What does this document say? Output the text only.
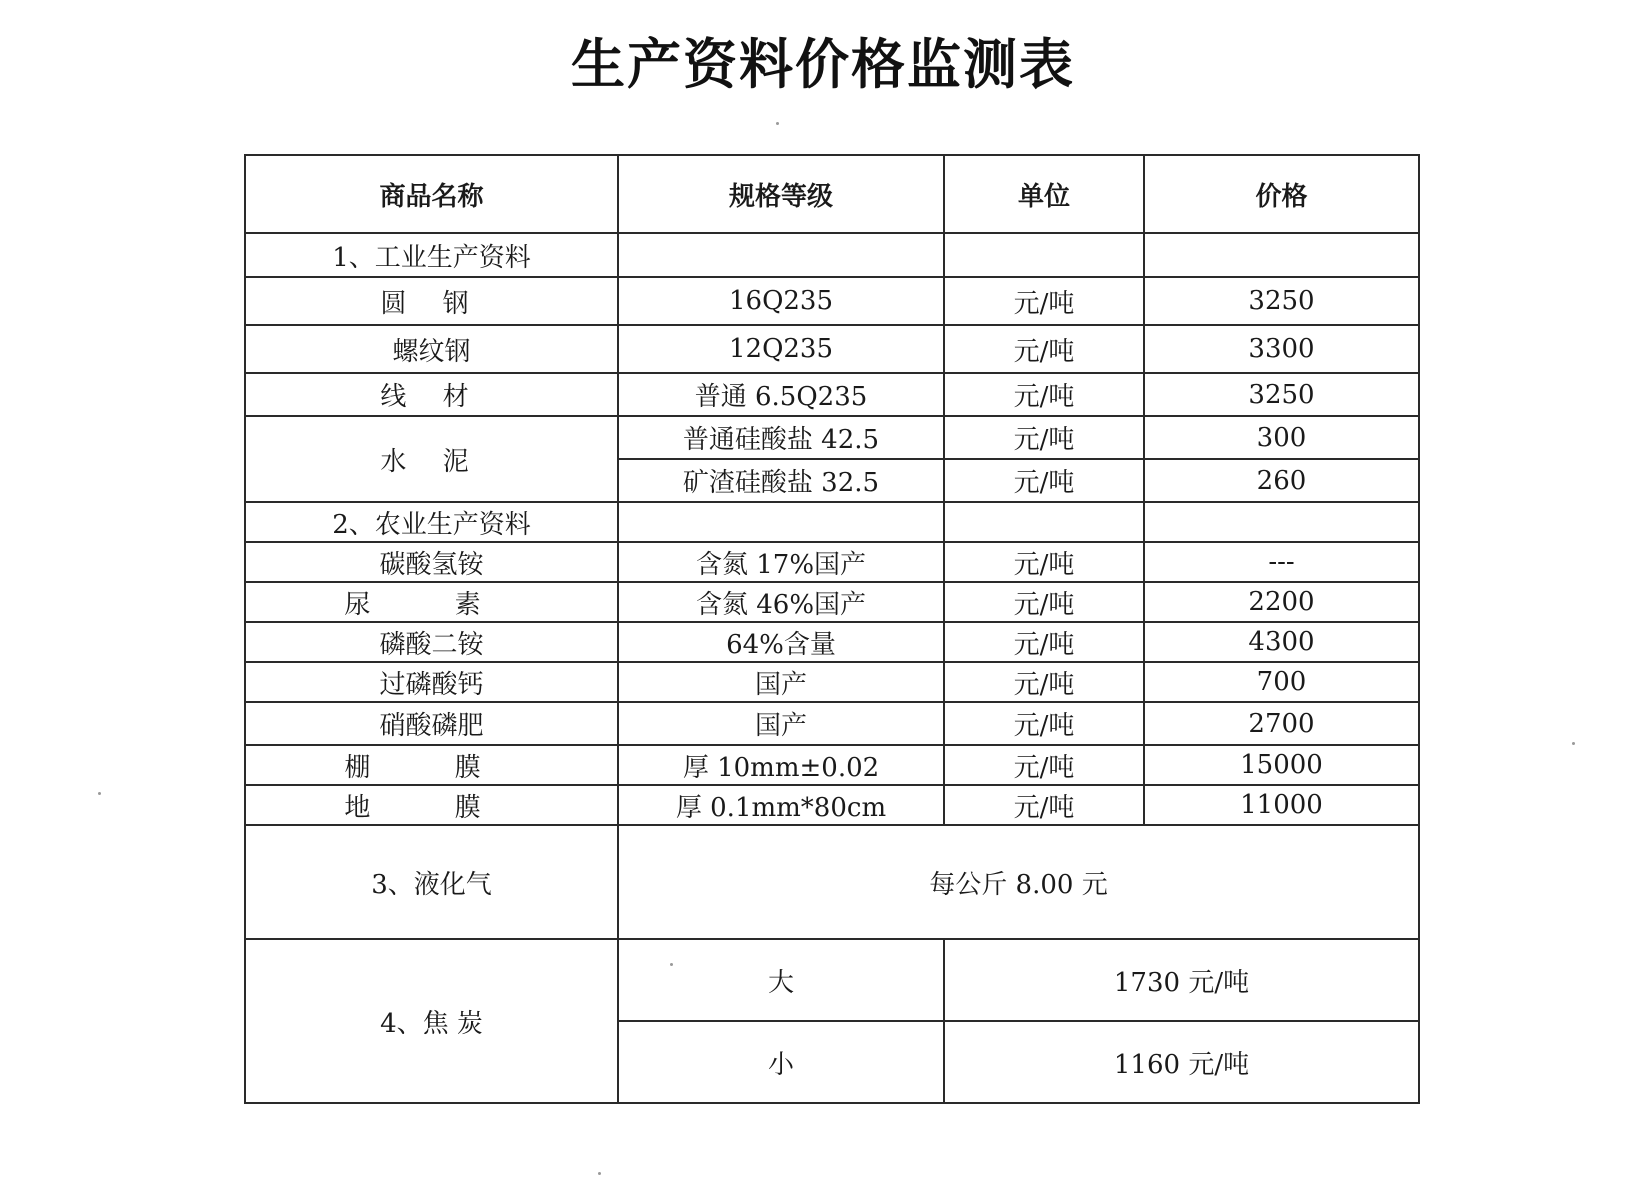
生产资料价格监测表
商品名称	规格等级	单位	价格
1、工业生产资料			
圆 钢	16Q235	元/吨	3250
螺纹钢	12Q235	元/吨	3300
线 材	普通 6.5Q235	元/吨	3250
水 泥	普通硅酸盐 42.5	元/吨	300
	矿渣硅酸盐 32.5	元/吨	260
2、农业生产资料			
碳酸氢铵	含氮 17%国产	元/吨	---
尿 素	含氮 46%国产	元/吨	2200
磷酸二铵	64%含量	元/吨	4300
过磷酸钙	国产	元/吨	700
硝酸磷肥	国产	元/吨	2700
棚 膜	厚 10mm±0.02	元/吨	15000
地 膜	厚 0.1mm*80cm	元/吨	11000
3、液化气	每公斤 8.00 元		
4、焦 炭	大	1730 元/吨	
	小	1160 元/吨	
